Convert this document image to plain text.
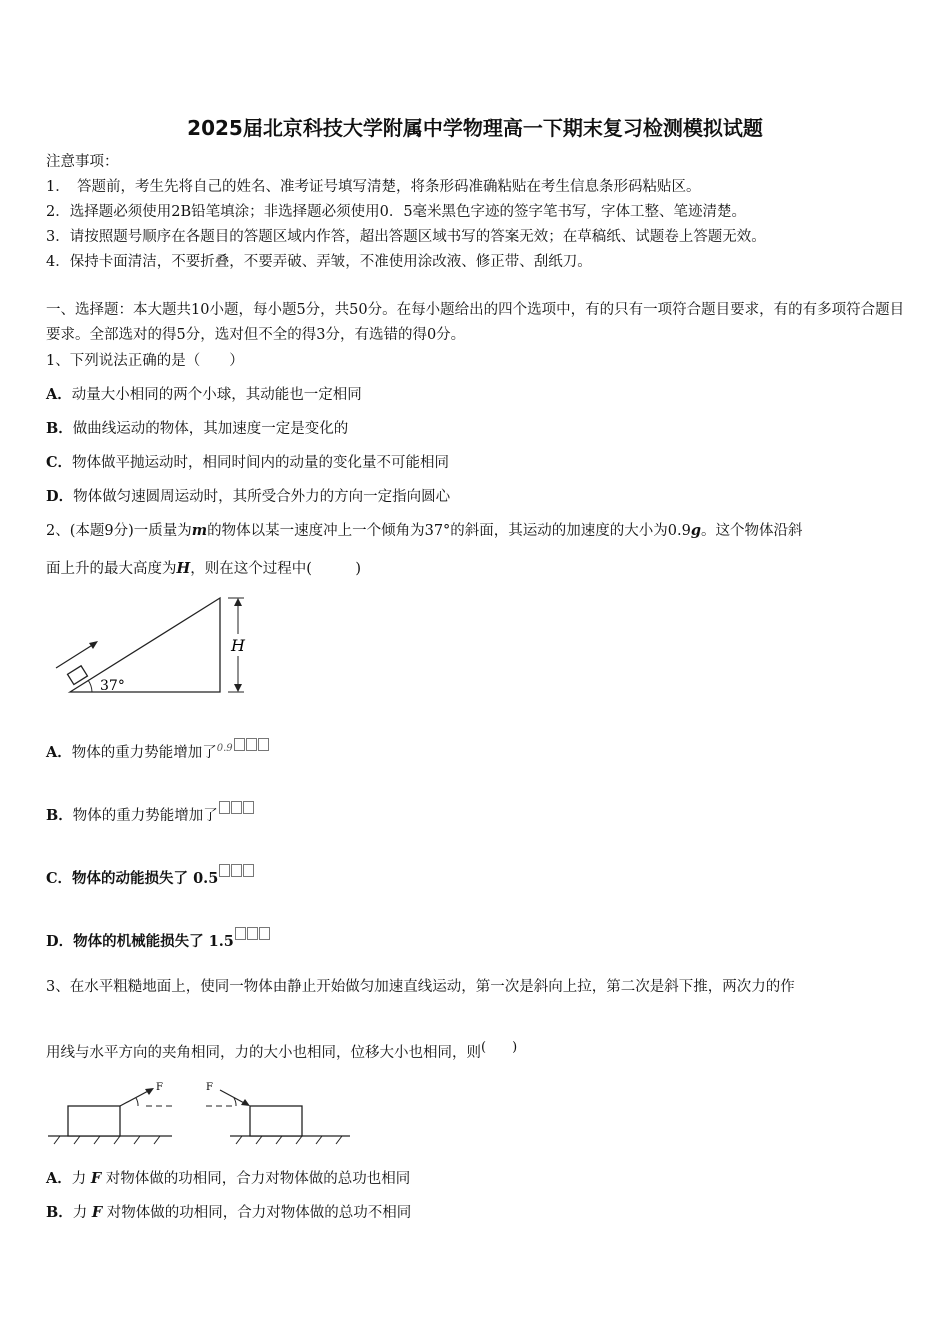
2025届北京科技大学附属中学物理高一下期末复习检测模拟试题
注意事项：
1．　答题前，考生先将自己的姓名、准考证号填写清楚，将条形码准确粘贴在考生信息条形码粘贴区。
2．选择题必须使用2B铅笔填涂；非选择题必须使用0．5毫米黑色字迹的签字笔书写，字体工整、笔迹清楚。
3．请按照题号顺序在各题目的答题区域内作答，超出答题区域书写的答案无效；在草稿纸、试题卷上答题无效。
4．保持卡面清洁，不要折叠，不要弄破、弄皱，不准使用涂改液、修正带、刮纸刀。
一、选择题：本大题共10小题，每小题5分，共50分。在每小题给出的四个选项中，有的只有一项符合题目要求，有的有多项符合题目要求。全部选对的得5分，选对但不全的得3分，有选错的得0分。
1、下列说法正确的是（　　）
A．动量大小相同的两个小球，其动能也一定相同
B．做曲线运动的物体，其加速度一定是变化的
C．物体做平抛运动时，相同时间内的动量的变化量不可能相同
D．物体做匀速圆周运动时，其所受合外力的方向一定指向圆心
2、(本题9分)一质量为m的物体以某一速度冲上一个倾角为37°的斜面，其运动的加速度的大小为0.9g。这个物体沿斜
面上升的最大高度为H，则在这个过程中(　　　)
37°
H
A．物体的重力势能增加了$^{0.9}$
B．物体的重力势能增加了
C．物体的动能损失了 0.5
D．物体的机械能损失了 1.5
3、在水平粗糙地面上，使同一物体由静止开始做匀加速直线运动，第一次是斜向上拉，第二次是斜下推，两次力的作
用线与水平方向的夹角相同，力的大小也相同，位移大小也相同，则(　　)
F	F
A．力 F 对物体做的功相同，合力对物体做的总功也相同
B．力 F 对物体做的功相同，合力对物体做的总功不相同
